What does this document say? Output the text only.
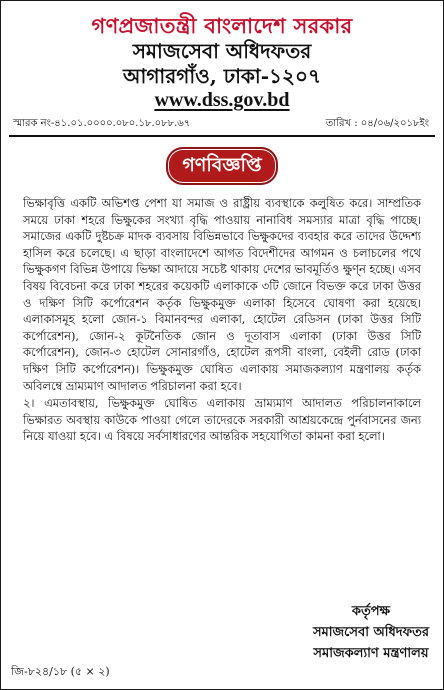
গণপ্রজাতন্ত্রী বাংলাদেশ সরকার
সমাজসেবা অধিদফতর
আগারগাঁও, ঢাকা-১২০৭
www.dss.gov.bd
স্মারক নং-৪১.০১.০০০০.০৮০.১৮.০৮৮.৬৭	তারিখ : ০৪/০৬/২০১৮ইং
গণবিজ্ঞপ্তি

ভিক্ষাবৃত্তি একটি অভিশপ্ত পেশা যা সমাজ ও রাষ্ট্রীয় ব্যবস্থাকে কলুষিত করে। সাম্প্রতিক সময়ে ঢাকা শহরে ভিক্ষুকের সংখ্যা বৃদ্ধি পাওয়ায় নানাবিধ সমস্যার মাত্রা বৃদ্ধি পাচ্ছে। সমাজের একটি দুষ্টচক্র মাদক ব্যবসায় বিভিন্নভাবে ভিক্ষুকদের ব্যবহার করে তাদের উদ্দেশ্য হাসিল করে চলেছে। এ ছাড়া বাংলাদেশে আগত বিদেশীদের আগমন ও চলাচলের পথে ভিক্ষুকগণ বিভিন্ন উপায়ে ভিক্ষা আদায়ে সচেষ্ট থাকায় দেশের ভাবমূর্তিও ক্ষুণ্ন হচ্ছে। এসব বিষয় বিবেচনা করে ঢাকা শহরের কয়েকটি এলাকাকে ৩টি জোনে বিভক্ত করে ঢাকা উত্তর ও দক্ষিণ সিটি কর্পোরেশন কর্তৃক ভিক্ষুকমুক্ত এলাকা হিসেবে ঘোষণা করা হয়েছে। এলাকাসমূহ হলো জোন-১ বিমানবন্দর এলাকা, হোটেল রেডিসন (ঢাকা উত্তর সিটি কর্পোরেশন), জোন-২ কূটনৈতিক জোন ও দূতাবাস এলাকা (ঢাকা উত্তর সিটি কর্পোরেশন), জোন-৩ হোটেল সোনারগাঁও, হোটেল রূপসী বাংলা, বেইলী রোড (ঢাকা দক্ষিণ সিটি কর্পোরেশন)। ভিক্ষুকমুক্ত ঘোষিত এলাকায় সমাজকল্যাণ মন্ত্রণালয় কর্তৃক অবিলম্বে ভ্রাম্যমাণ আদালত পরিচালনা করা হবে।

২। এমতাবস্থায়, ভিক্ষুকমুক্ত ঘোষিত এলাকায় ভ্রাম্যমাণ আদালত পরিচালনাকালে ভিক্ষারত অবস্থায় কাউকে পাওয়া গেলে তাদেরকে সরকারী আশ্রয়কেন্দ্রে পুর্নবাসনের জন্য নিয়ে যাওয়া হবে। এ বিষয়ে সর্বসাধারণের আন্তরিক সহযোগিতা কামনা করা হলো।

কর্তৃপক্ষ
সমাজসেবা অধিদফতর
সমাজকল্যাণ মন্ত্রণালয়
জি-৮২৪/১৮ (৫ × ২)
